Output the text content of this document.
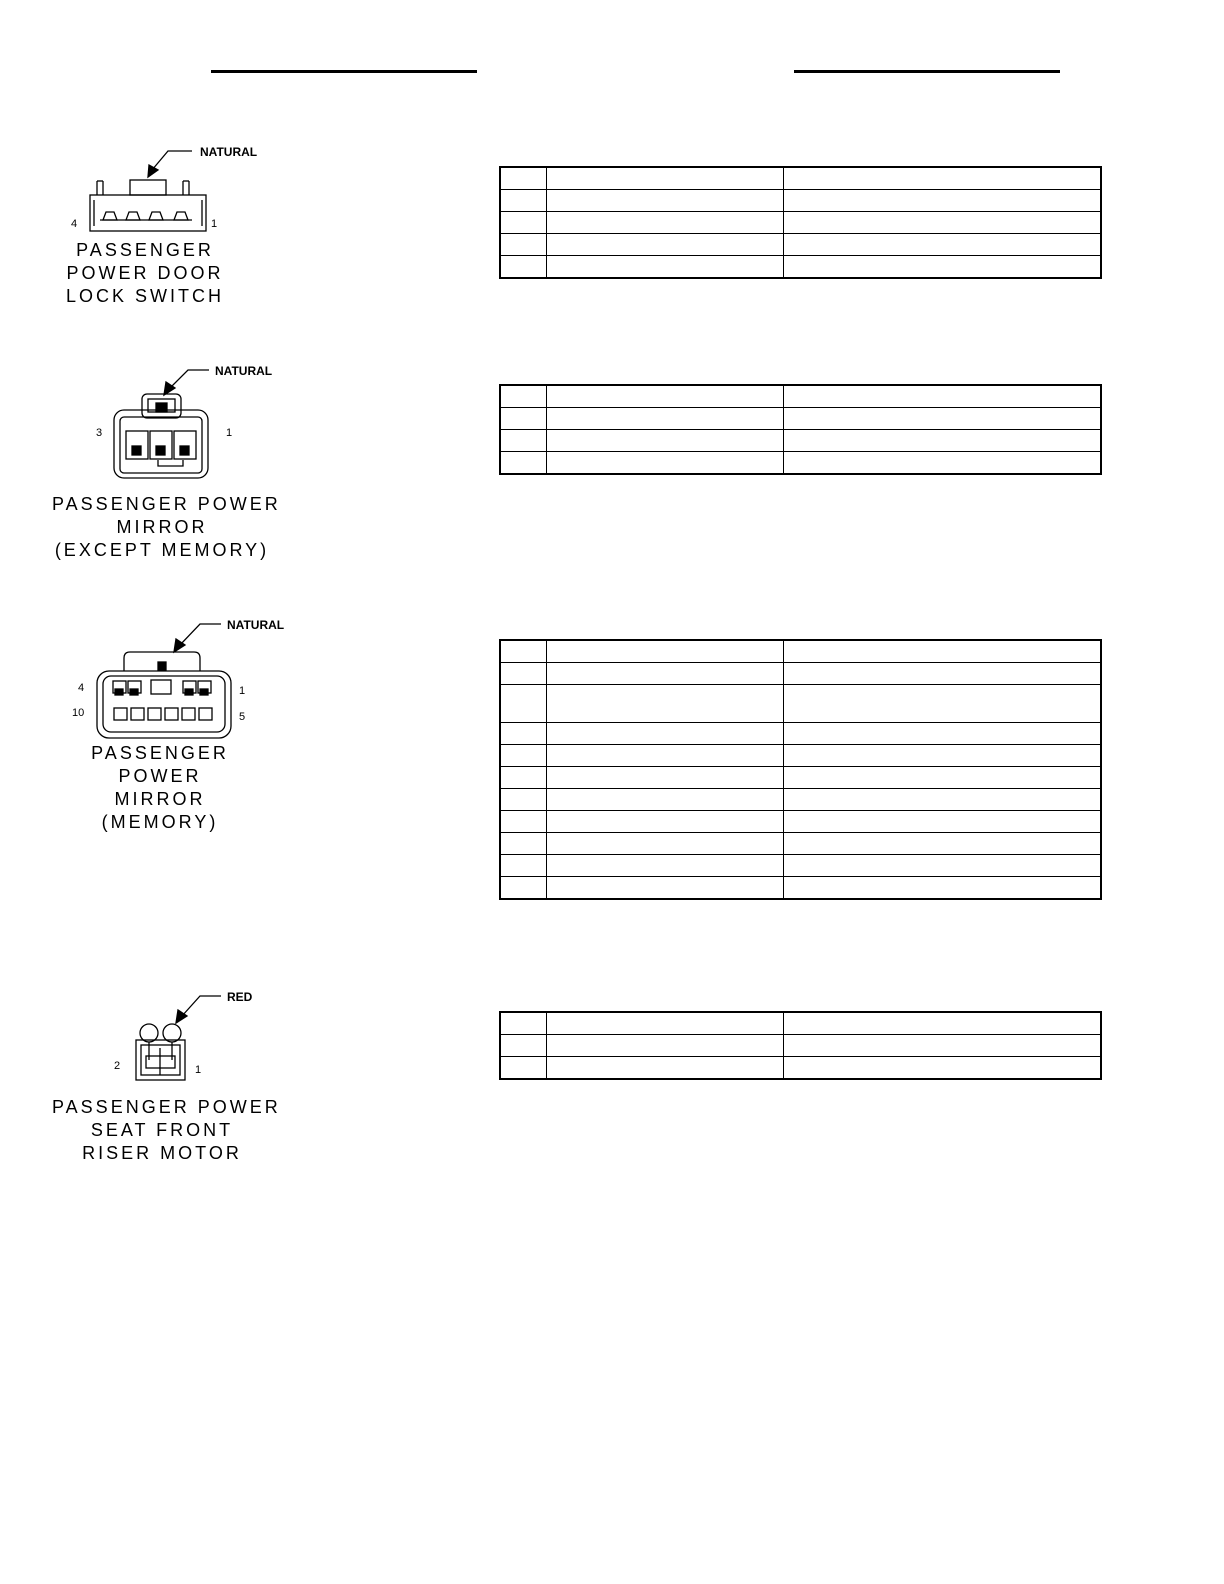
NATURAL
4	1
NATURAL
3	1
NATURAL
4
10
1
5
RED
2	1
PASSENGER
POWER DOOR
LOCK SWITCH
PASSENGER POWER
MIRROR
(EXCEPT MEMORY)
PASSENGER
POWER
MIRROR
(MEMORY)
PASSENGER POWER
SEAT FRONT
RISER MOTOR
